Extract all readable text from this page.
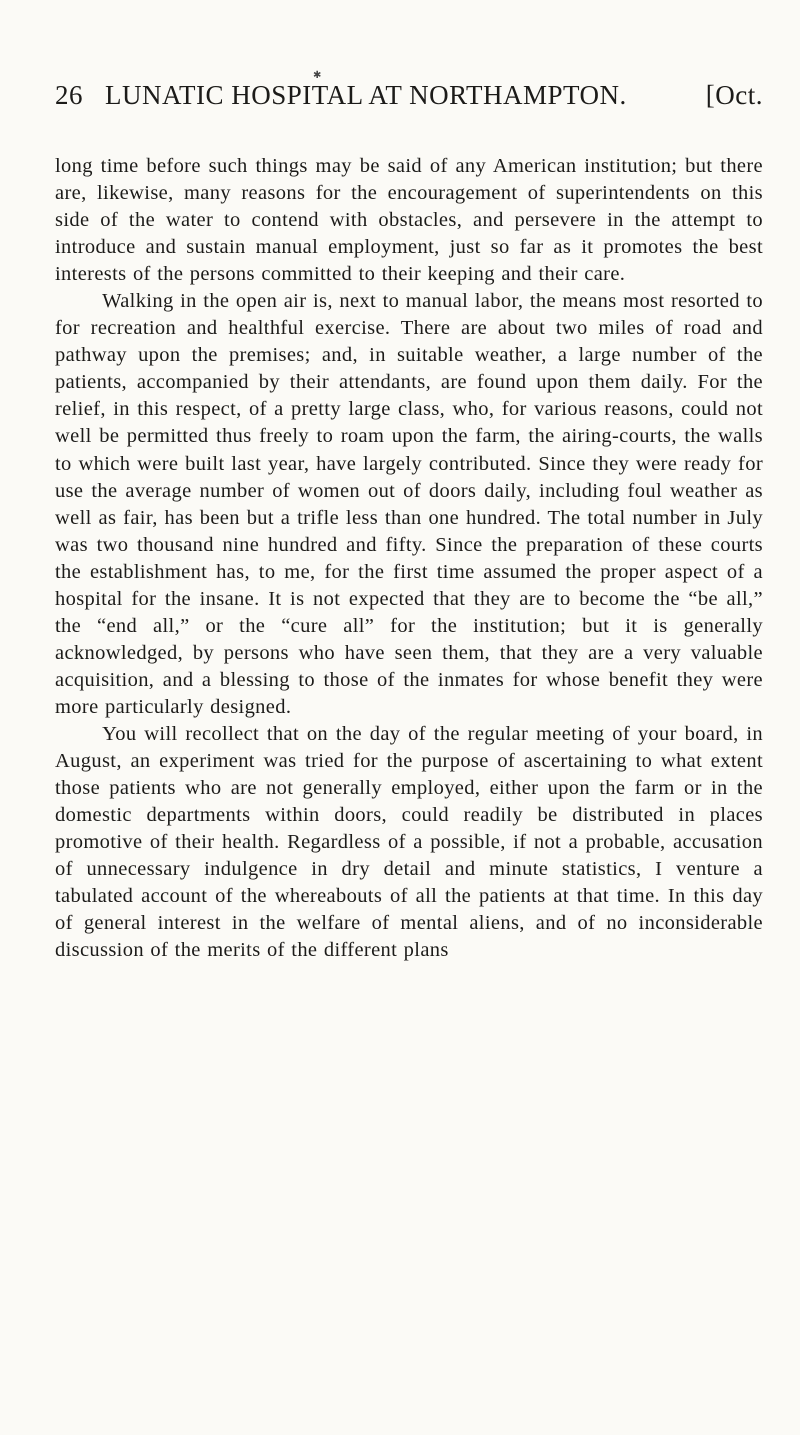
✱
26 LUNATIC HOSPITAL AT NORTHAMPTON.	[Oct.

long time before such things may be said of any American institution; but there are, likewise, many reasons for the encouragement of superintendents on this side of the water to contend with obstacles, and persevere in the attempt to introduce and sustain manual employment, just so far as it promotes the best interests of the persons committed to their keeping and their care.

Walking in the open air is, next to manual labor, the means most resorted to for recreation and healthful exercise. There are about two miles of road and pathway upon the premises; and, in suitable weather, a large number of the patients, accompanied by their attendants, are found upon them daily. For the relief, in this respect, of a pretty large class, who, for various reasons, could not well be permitted thus freely to roam upon the farm, the airing-courts, the walls to which were built last year, have largely contributed. Since they were ready for use the average number of women out of doors daily, including foul weather as well as fair, has been but a trifle less than one hundred. The total number in July was two thousand nine hundred and fifty. Since the preparation of these courts the establishment has, to me, for the first time assumed the proper aspect of a hospital for the insane. It is not expected that they are to become the “be all,” the “end all,” or the “cure all” for the institution; but it is generally acknowledged, by persons who have seen them, that they are a very valuable acquisition, and a blessing to those of the inmates for whose benefit they were more particularly designed.

You will recollect that on the day of the regular meeting of your board, in August, an experiment was tried for the purpose of ascertaining to what extent those patients who are not generally employed, either upon the farm or in the domestic departments within doors, could readily be distributed in places promotive of their health. Regardless of a possible, if not a probable, accusation of unnecessary indulgence in dry detail and minute statistics, I venture a tabulated account of the whereabouts of all the patients at that time. In this day of general interest in the welfare of mental aliens, and of no inconsiderable discussion of the merits of the different plans
